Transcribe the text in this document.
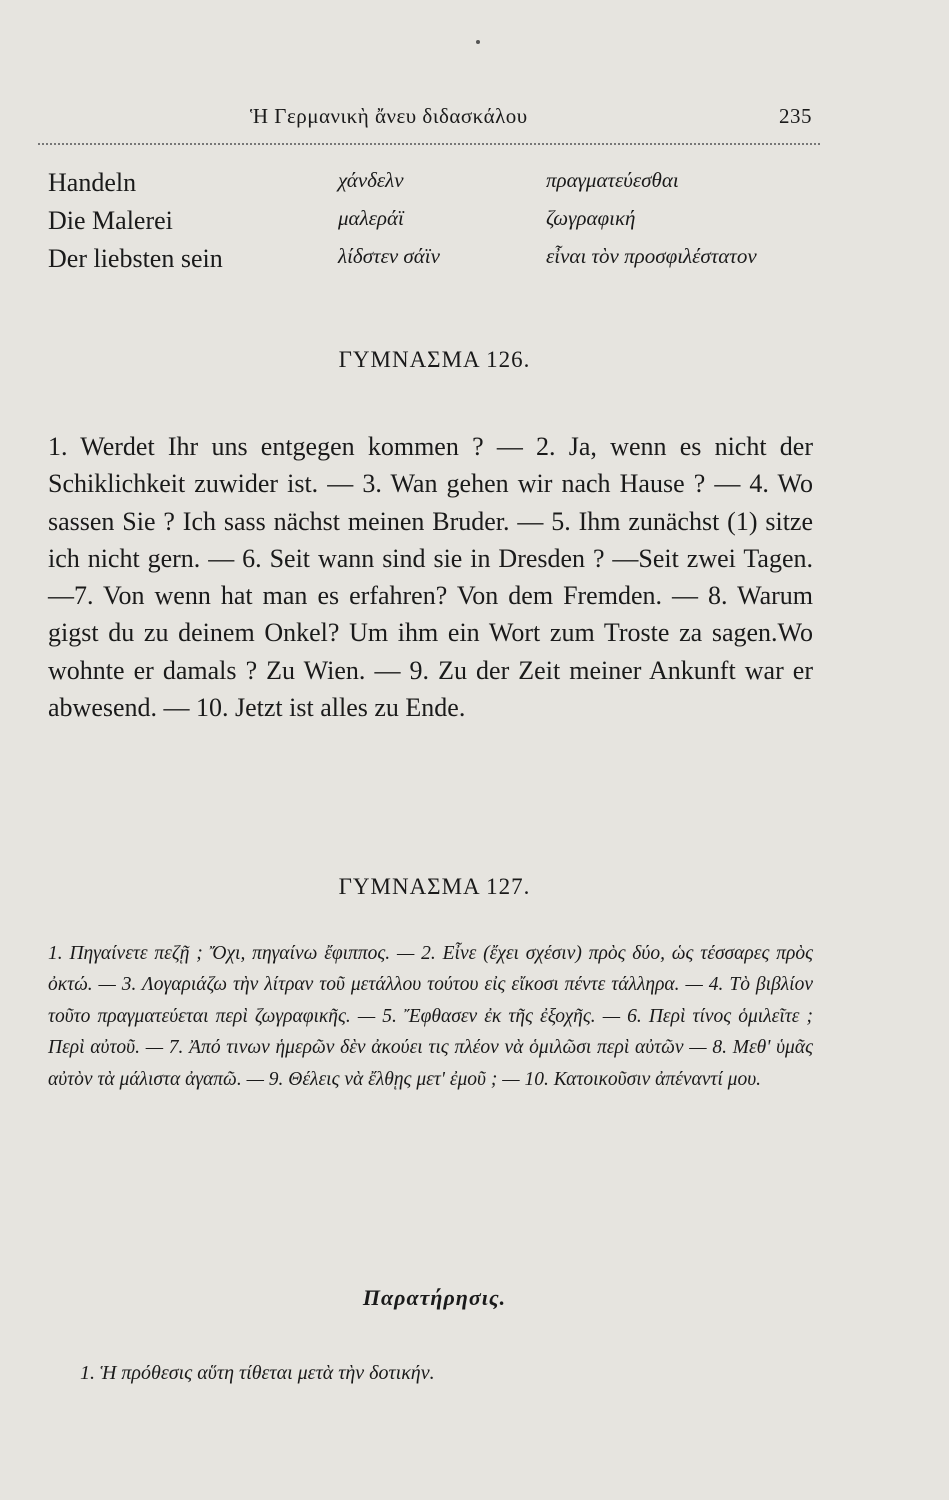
Ἡ Γερμανικὴ ἄνευ διδασκάλου	235
Handeln	χάνδελν	πραγματεύεσθαι
Die Malerei	μαλεράϊ	ζωγραφική
Der liebsten sein	λίδστεν σάϊν	εἶναι τὸν προσφιλέστατον
ΓΥΜΝΑΣΜΑ 126.

1. Werdet Ihr uns entgegen kommen ? — 2. Ja, wenn es nicht der Schiklichkeit zuwider ist. — 3. Wan gehen wir nach Hause ? — 4. Wo sassen Sie ? Ich sass nächst meinen Bruder. — 5. Ihm zunächst (1) sitze ich nicht gern. — 6. Seit wann sind sie in Dresden ? —Seit zwei Tagen. —7. Von wenn hat man es erfahren? Von dem Fremden. — 8. Warum gigst du zu deinem Onkel? Um ihm ein Wort zum Troste za sagen.Wo wohnte er damals ? Zu Wien. — 9. Zu der Zeit meiner Ankunft war er abwesend. — 10. Jetzt ist alles zu Ende.

ΓΥΜΝΑΣΜΑ 127.

1. Πηγαίνετε πεζῇ ; Ὄχι, πηγαίνω ἔφιππος. — 2. Εἶνε (ἔχει σχέσιν) πρὸς δύο, ὡς τέσσαρες πρὸς ὀκτώ. — 3. Λογαριάζω τὴν λίτραν τοῦ μετάλλου τούτου εἰς εἴκοσι πέντε τάλληρα. — 4. Τὸ βιβλίον τοῦτο πραγματεύεται περὶ ζωγραφικῆς. — 5. Ἔφθασεν ἐκ τῆς ἐξοχῆς. — 6. Περὶ τίνος ὁμιλεῖτε ; Περὶ αὐτοῦ. — 7. Ἀπό τινων ἡμερῶν δὲν ἀκούει τις πλέον νὰ ὁμιλῶσι περὶ αὐτῶν — 8. Μεθ' ὑμᾶς αὐτὸν τὰ μάλιστα ἀγαπῶ. — 9. Θέλεις νὰ ἔλθῃς μετ' ἐμοῦ ; — 10. Κατοικοῦσιν ἀπέναντί μου.

Παρατήρησις.
1. Ἡ πρόθεσις αὕτη τίθεται μετὰ τὴν δοτικήν.
